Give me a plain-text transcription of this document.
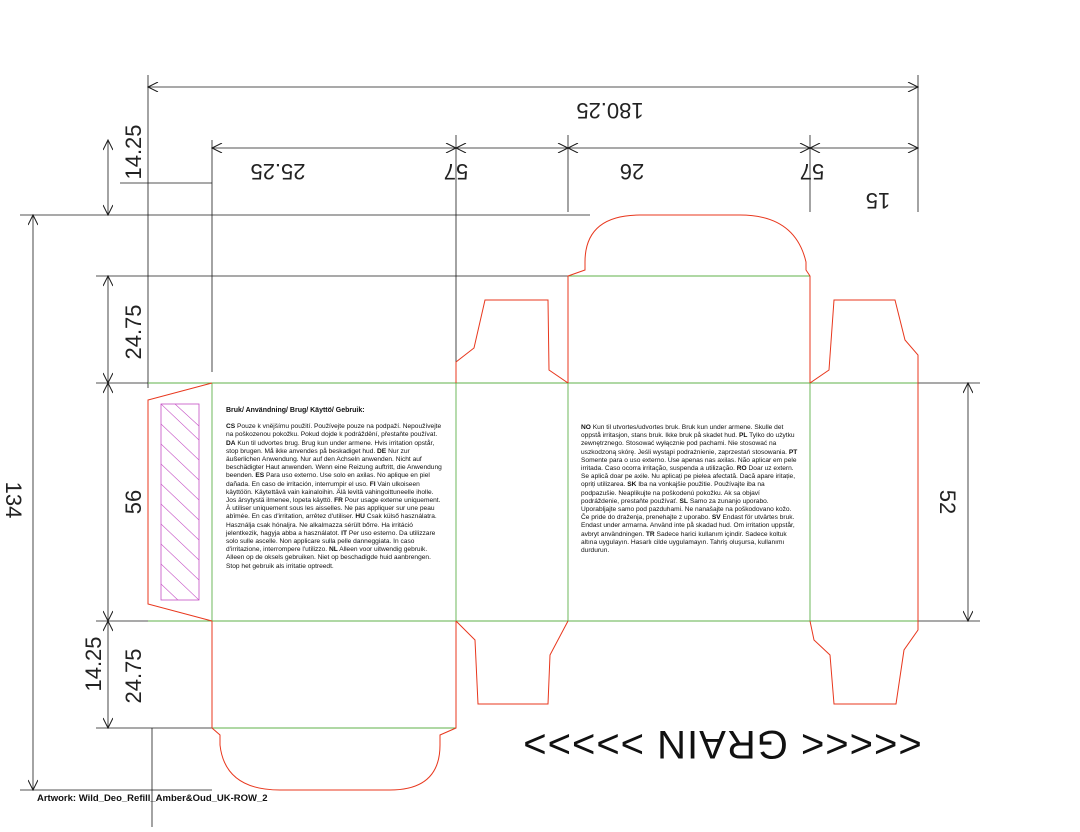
180.25
25.25	57	26	57
15
14.25
24.75
56
24.75
14.25
134	52
<<<<< GRAIN >>>>>

Bruk/ Användning/ Brug/ Käyttö/ Gebruik:

CS Pouze k vnějšímu použití. Používejte pouze na podpaží. Nepoužívejte na poškozenou pokožku. Pokud dojde k podráždění, přestaňte používat. DA Kun til udvortes brug. Brug kun under armene. Hvis irritation opstår, stop brugen. Må ikke anvendes på beskadiget hud. DE Nur zur äußerlichen Anwendung. Nur auf den Achseln anwenden. Nicht auf beschädigter Haut anwenden. Wenn eine Reizung auftritt, die Anwendung beenden. ES Para uso externo. Use solo en axilas. No aplique en piel dañada. En caso de irritación, interrumpir el uso. FI Vain ulkoiseen käyttöön. Käytettävä vain kainaloihin. Älä levitä vahingoittuneelle iholle. Jos ärsytystä ilmenee, lopeta käyttö. FR Pour usage externe uniquement. À utiliser uniquement sous les aisselles. Ne pas appliquer sur une peau abîmée. En cas d'irritation, arrêtez d'utiliser. HU Csak külső használatra. Használja csak hónaljra. Ne alkalmazza sérült bőrre. Ha irritáció jelentkezik, hagyja abba a használatot. IT Per uso esterno. Da utilizzare solo sulle ascelle. Non applicare sulla pelle danneggiata. In caso d'irritazione, interrompere l'utilizzo. NL Alleen voor uitwendig gebruik. Alleen op de oksels gebruiken. Niet op beschadigde huid aanbrengen. Stop het gebruik als irritatie optreedt.

NO Kun til utvortes/udvortes bruk. Bruk kun under armene. Skulle det oppstå irritasjon, stans bruk. Ikke bruk på skadet hud. PL Tylko do użytku zewnętrznego. Stosować wyłącznie pod pachami. Nie stosować na uszkodzoną skórę. Jeśli wystąpi podrażnienie, zaprzestań stosowania. PT Somente para o uso externo. Use apenas nas axilas. Não aplicar em pele irritada. Caso ocorra irritação, suspenda a utilização. RO Doar uz extern. Se aplică doar pe axile. Nu aplicați pe pielea afectată. Dacă apare iritație, opriți utilizarea. SK Iba na vonkajšie použitie. Používajte iba na podpazušie. Neaplikujte na poškodenú pokožku. Ak sa objaví podráždenie, prestaňte používať. SL Samo za zunanjo uporabo. Uporabljajte samo pod pazduhami. Ne nanašajte na poškodovano kožo. Če pride do draženja, prenehajte z uporabo. SV Endast för utvärtes bruk. Endast under armarna. Använd inte på skadad hud. Om irritation uppstår, avbryt användningen. TR Sadece harici kullanım içindir. Sadece koltuk altına uygulayın. Hasarlı cilde uygulamayın. Tahriş oluşursa, kullanımı durdurun.

Artwork: Wild_Deo_Refill_Amber&Oud_UK-ROW_2
